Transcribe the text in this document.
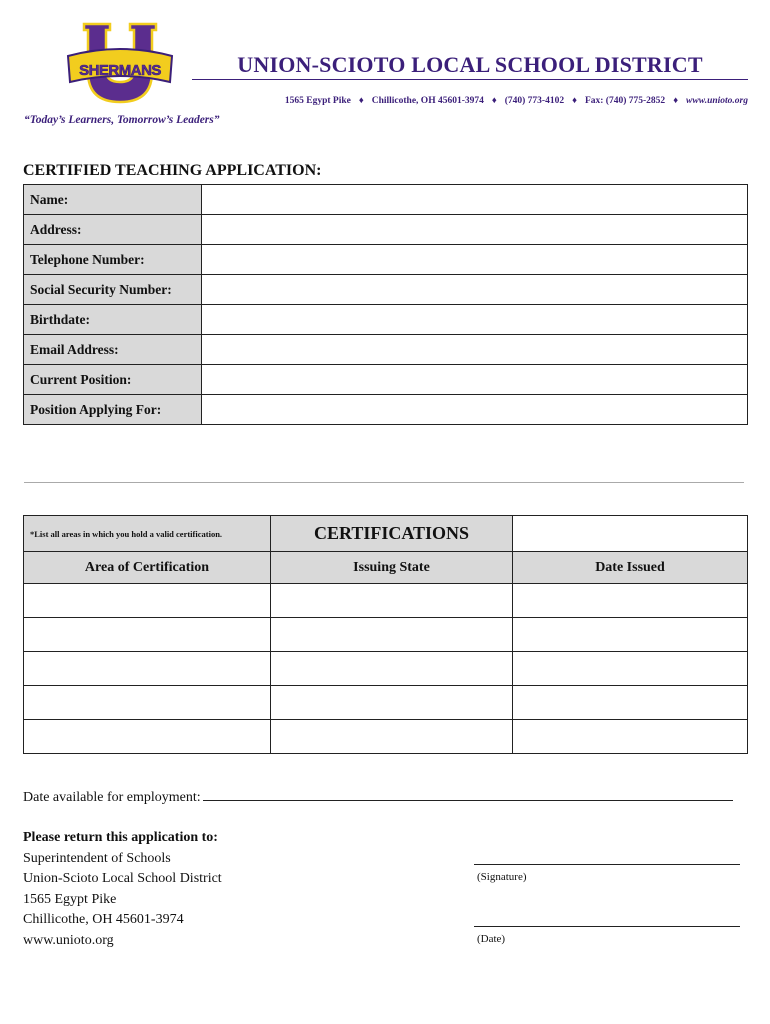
SHERMANS	UNION-SCIOTO LOCAL SCHOOL DISTRICT
1565 Egypt Pike ♦ Chillicothe, OH 45601-3974 ♦ (740) 773-4102 ♦ Fax: (740) 775-2852 ♦ www.unioto.org
“Today’s Learners, Tomorrow’s Leaders”
CERTIFIED TEACHING APPLICATION:
Name:	
Address:	
Telephone Number:	
Social Security Number:	
Birthdate:	
Email Address:	
Current Position:	
Position Applying For:	
*List all areas in which you hold a valid certification.	CERTIFICATIONS	
Area of Certification	Issuing State	Date Issued

Date available for employment:
Please return this application to:
Superintendent of Schools
Union-Scioto Local School District
1565 Egypt Pike
Chillicothe, OH 45601-3974
www.unioto.org
(Signature)
(Date)
